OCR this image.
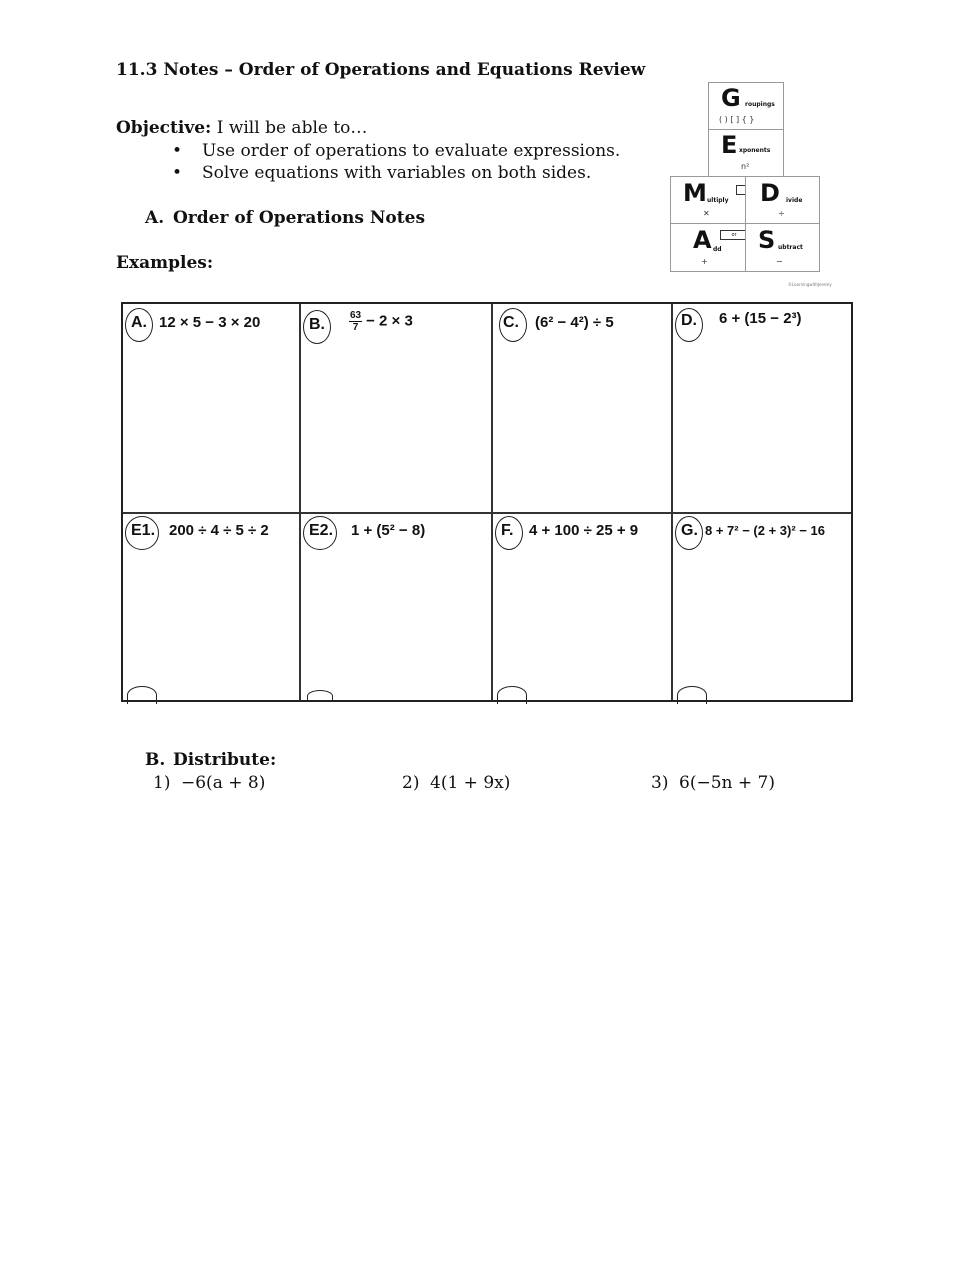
11.3 Notes – Order of Operations and Equations Review
Objective: I will be able to…
• Use order of operations to evaluate expressions.
• Solve equations with variables on both sides.
A. Order of Operations Notes
Examples:
G roupings
( ) [ ] { }
E xponents
n²
M ultiply
✕
D ivide
÷
A dd
+
or S ubtract
−
©LearningwithJeremy
A. 12 × 5 − 3 × 20	B. $\frac{63}{7} - 2 \times 3$	C. (6² − 4²) ÷ 5	D. 6 + (15 − 2³)
E1. 200 ÷ 4 ÷ 5 ÷ 2	E2. 1 + (5² − 8)	F. 4 + 100 ÷ 25 + 9	G. 8 + 7² − (2 + 3)² − 16
B. Distribute:
1) −6(a + 8)	2) 4(1 + 9x)	3) 6(−5n + 7)
